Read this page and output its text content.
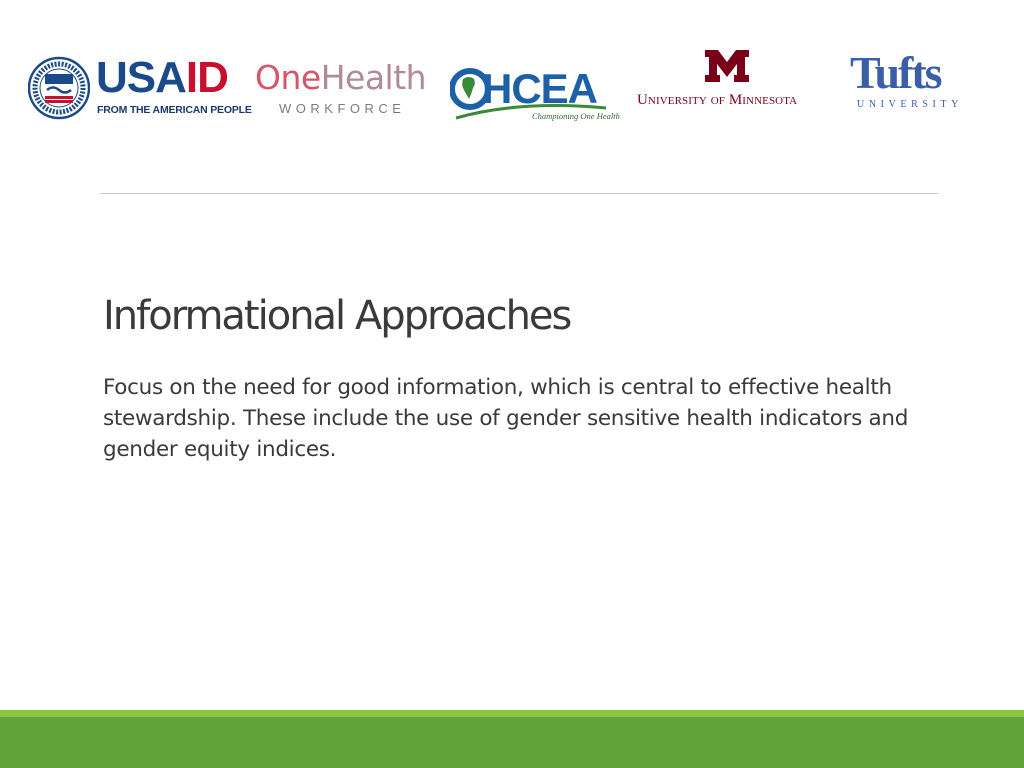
USAID
FROM THE AMERICAN PEOPLE
OneHealth
WORKFORCE HCEA
Championing One Health
University of Minnesota
Tufts
UNIVERSITY
Informational Approaches

Focus on the need for good information, which is central to effective health stewardship. These include the use of gender sensitive health indicators and gender equity indices.
